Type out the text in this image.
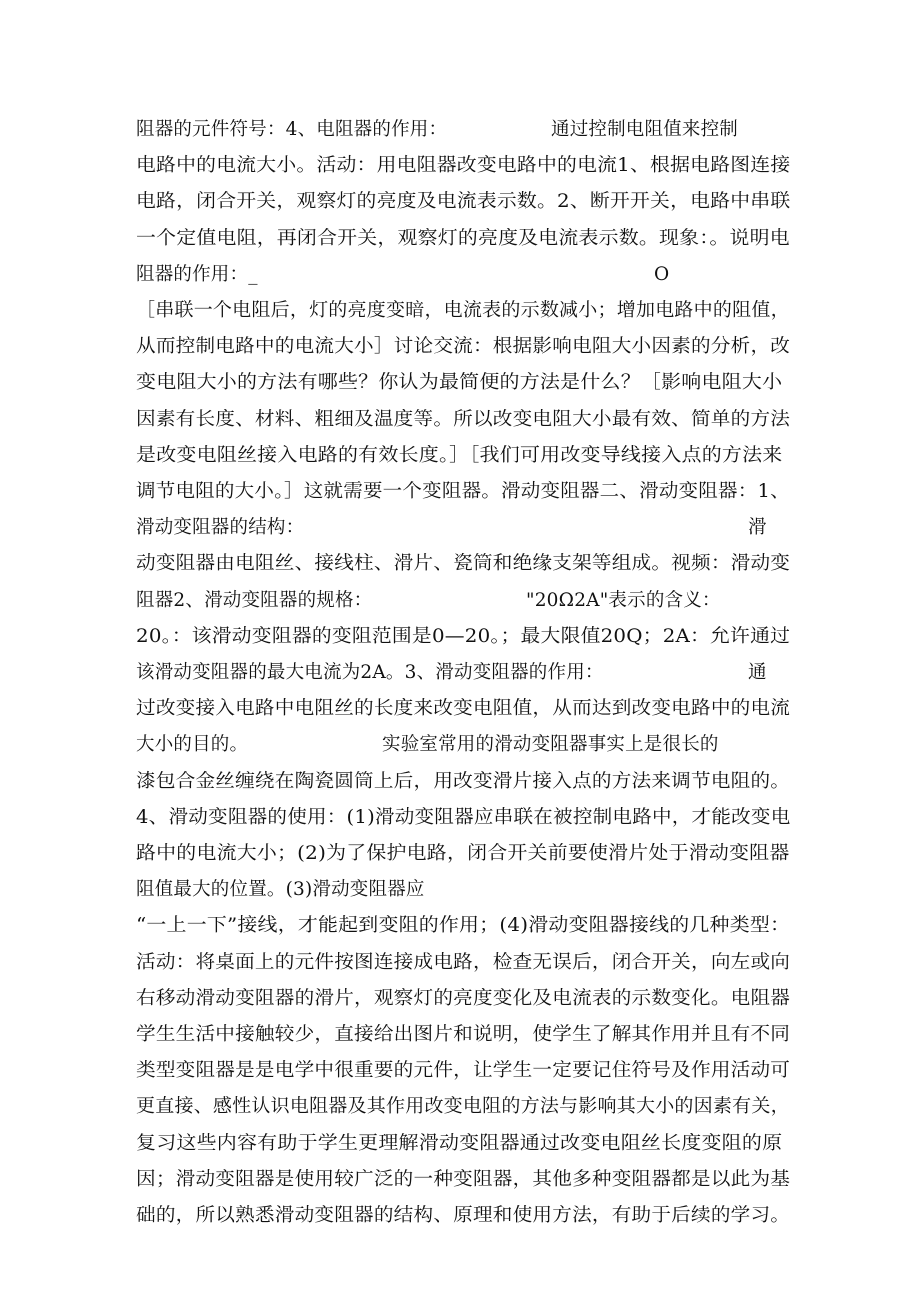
阻器的元件符号：4、电阻器的作用：	通过控制电阻值来控制
电路中的电流大小。活动：用电阻器改变电路中的电流1、根据电路图连接
电路，闭合开关，观察灯的亮度及电流表示数。2、断开开关，电路中串联
一个定值电阻，再闭合开关，观察灯的亮度及电流表示数。现象：。说明电
阻器的作用：_	O
［串联一个电阻后，灯的亮度变暗，电流表的示数减小；增加电路中的阻值，
从而控制电路中的电流大小］讨论交流：根据影响电阻大小因素的分析，改
变电阻大小的方法有哪些？你认为最简便的方法是什么？［影响电阻大小
因素有长度、材料、粗细及温度等。所以改变电阻大小最有效、简单的方法
是改变电阻丝接入电路的有效长度。］［我们可用改变导线接入点的方法来
调节电阻的大小。］这就需要一个变阻器。滑动变阻器二、滑动变阻器：1、
滑动变阻器的结构：	滑
动变阻器由电阻丝、接线柱、滑片、瓷筒和绝缘支架等组成。视频：滑动变
阻器2、滑动变阻器的规格：	"20Ω2A"表示的含义：
20。：该滑动变阻器的变阻范围是0—20。；最大限值20Q；2A：允许通过
该滑动变阻器的最大电流为2A。3、滑动变阻器的作用：	通
过改变接入电路中电阻丝的长度来改变电阻值，从而达到改变电路中的电流
大小的目的。	实验室常用的滑动变阻器事实上是很长的
漆包合金丝缠绕在陶瓷圆筒上后，用改变滑片接入点的方法来调节电阻的。
4、滑动变阻器的使用：(1)滑动变阻器应串联在被控制电路中，才能改变电
路中的电流大小；(2)为了保护电路，闭合开关前要使滑片处于滑动变阻器
阻值最大的位置。(3)滑动变阻器应
“一上一下”接线，才能起到变阻的作用；(4)滑动变阻器接线的几种类型：
活动：将桌面上的元件按图连接成电路，检查无误后，闭合开关，向左或向
右移动滑动变阻器的滑片，观察灯的亮度变化及电流表的示数变化。电阻器
学生生活中接触较少，直接给出图片和说明，使学生了解其作用并且有不同
类型变阻器是是电学中很重要的元件，让学生一定要记住符号及作用活动可
更直接、感性认识电阻器及其作用改变电阻的方法与影响其大小的因素有关，
复习这些内容有助于学生更理解滑动变阻器通过改变电阻丝长度变阻的原
因；滑动变阻器是使用较广泛的一种变阻器，其他多种变阻器都是以此为基
础的，所以熟悉滑动变阻器的结构、原理和使用方法，有助于后续的学习。
